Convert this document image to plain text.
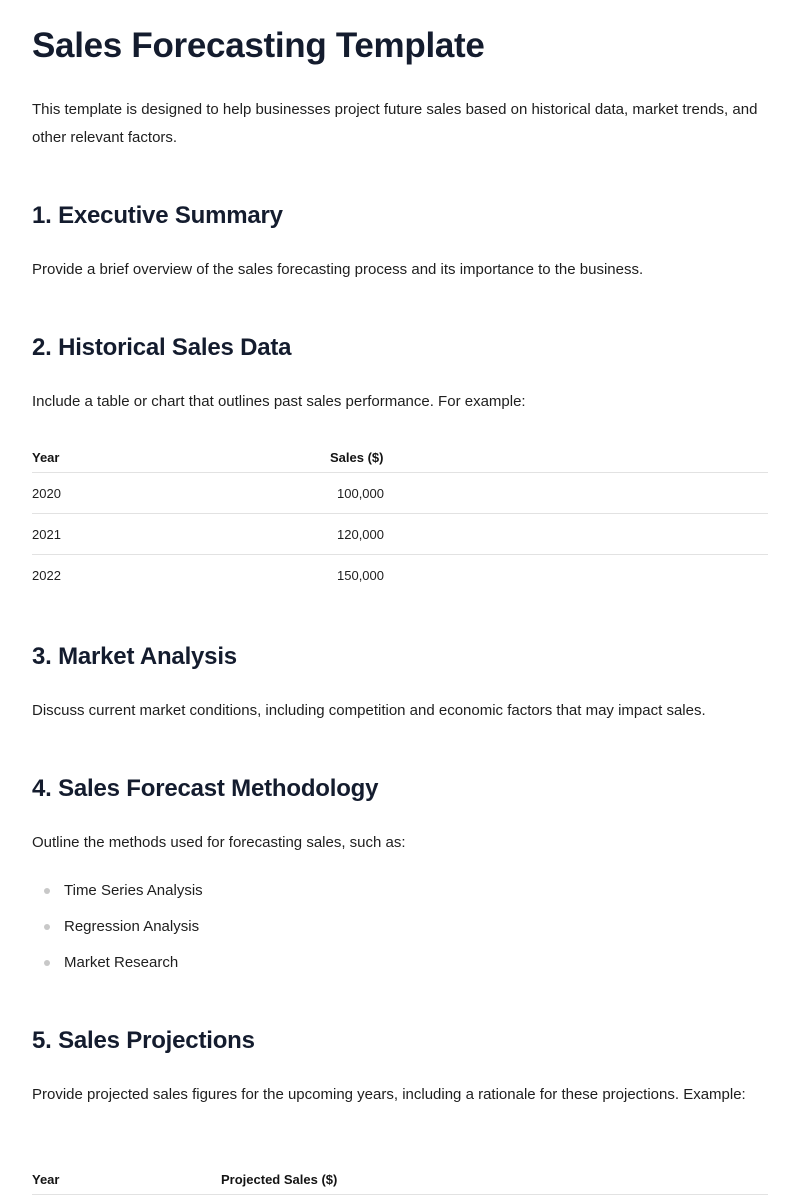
Sales Forecasting Template

This template is designed to help businesses project future sales based on historical data, market trends, and other relevant factors.

1. Executive Summary

Provide a brief overview of the sales forecasting process and its importance to the business.

2. Historical Sales Data

Include a table or chart that outlines past sales performance. For example:

Year	Sales ($)
2020	100,000
2021	120,000
2022	150,000
3. Market Analysis

Discuss current market conditions, including competition and economic factors that may impact sales.

4. Sales Forecast Methodology

Outline the methods used for forecasting sales, such as:

Time Series Analysis
Regression Analysis
Market Research
5. Sales Projections

Provide projected sales figures for the upcoming years, including a rationale for these projections. Example:

Year	Projected Sales ($)
